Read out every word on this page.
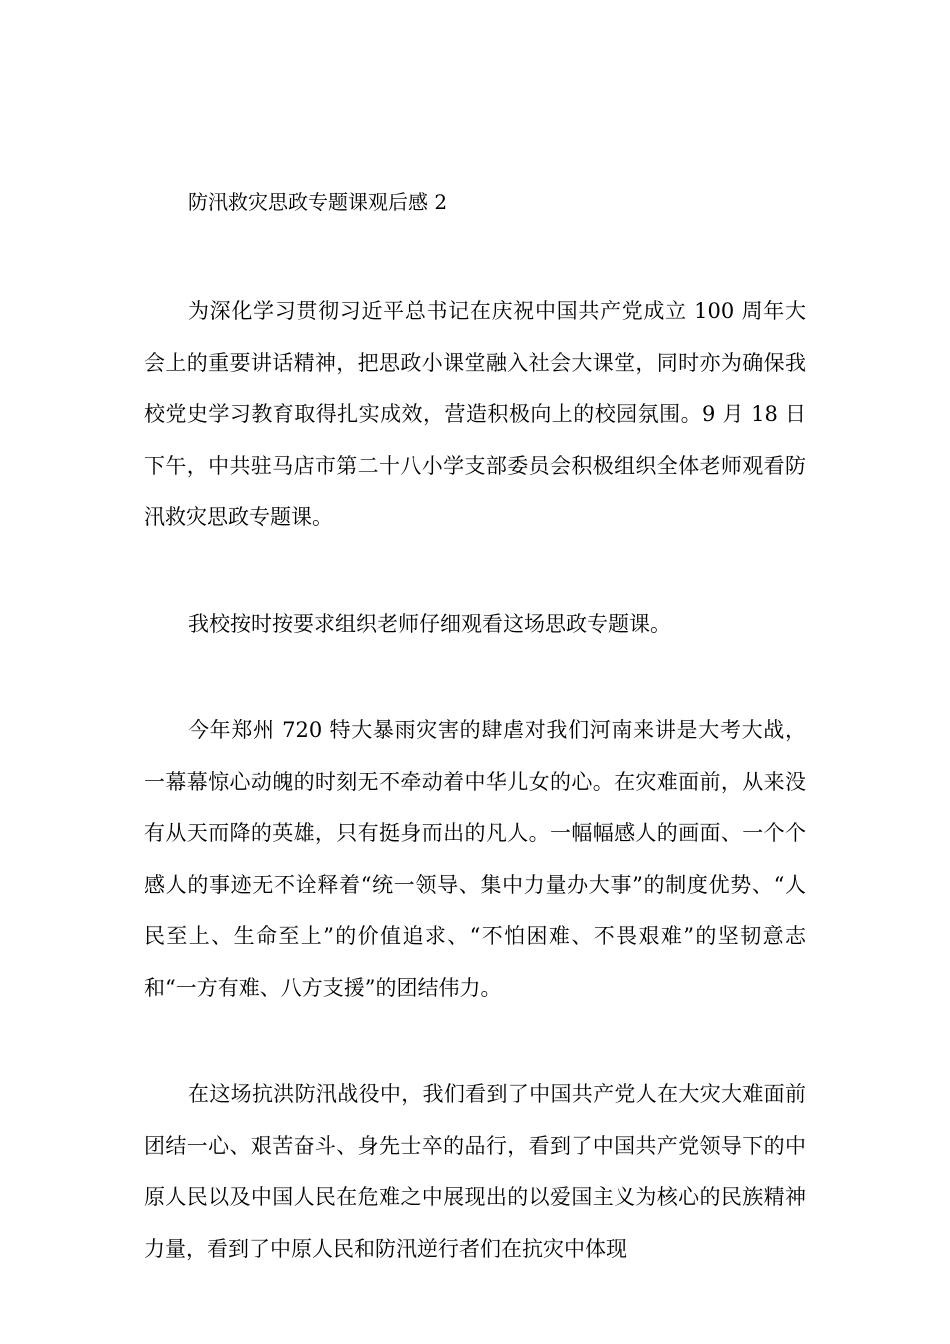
防汛救灾思政专题课观后感 2

为深化学习贯彻习近平总书记在庆祝中国共产党成立 100 周年大会上的重要讲话精神，把思政小课堂融入社会大课堂，同时亦为确保我校党史学习教育取得扎实成效，营造积极向上的校园氛围。9 月 18 日下午，中共驻马店市第二十八小学支部委员会积极组织全体老师观看防汛救灾思政专题课。

我校按时按要求组织老师仔细观看这场思政专题课。

今年郑州 720 特大暴雨灾害的肆虐对我们河南来讲是大考大战，一幕幕惊心动魄的时刻无不牵动着中华儿女的心。在灾难面前，从来没有从天而降的英雄，只有挺身而出的凡人。一幅幅感人的画面、一个个感人的事迹无不诠释着“统一领导、集中力量办大事”的制度优势、“人民至上、生命至上”的价值追求、“不怕困难、不畏艰难”的坚韧意志和“一方有难、八方支援”的团结伟力。

在这场抗洪防汛战役中，我们看到了中国共产党人在大灾大难面前团结一心、艰苦奋斗、身先士卒的品行，看到了中国共产党领导下的中原人民以及中国人民在危难之中展现出的以爱国主义为核心的民族精神力量，看到了中原人民和防汛逆行者们在抗灾中体现
